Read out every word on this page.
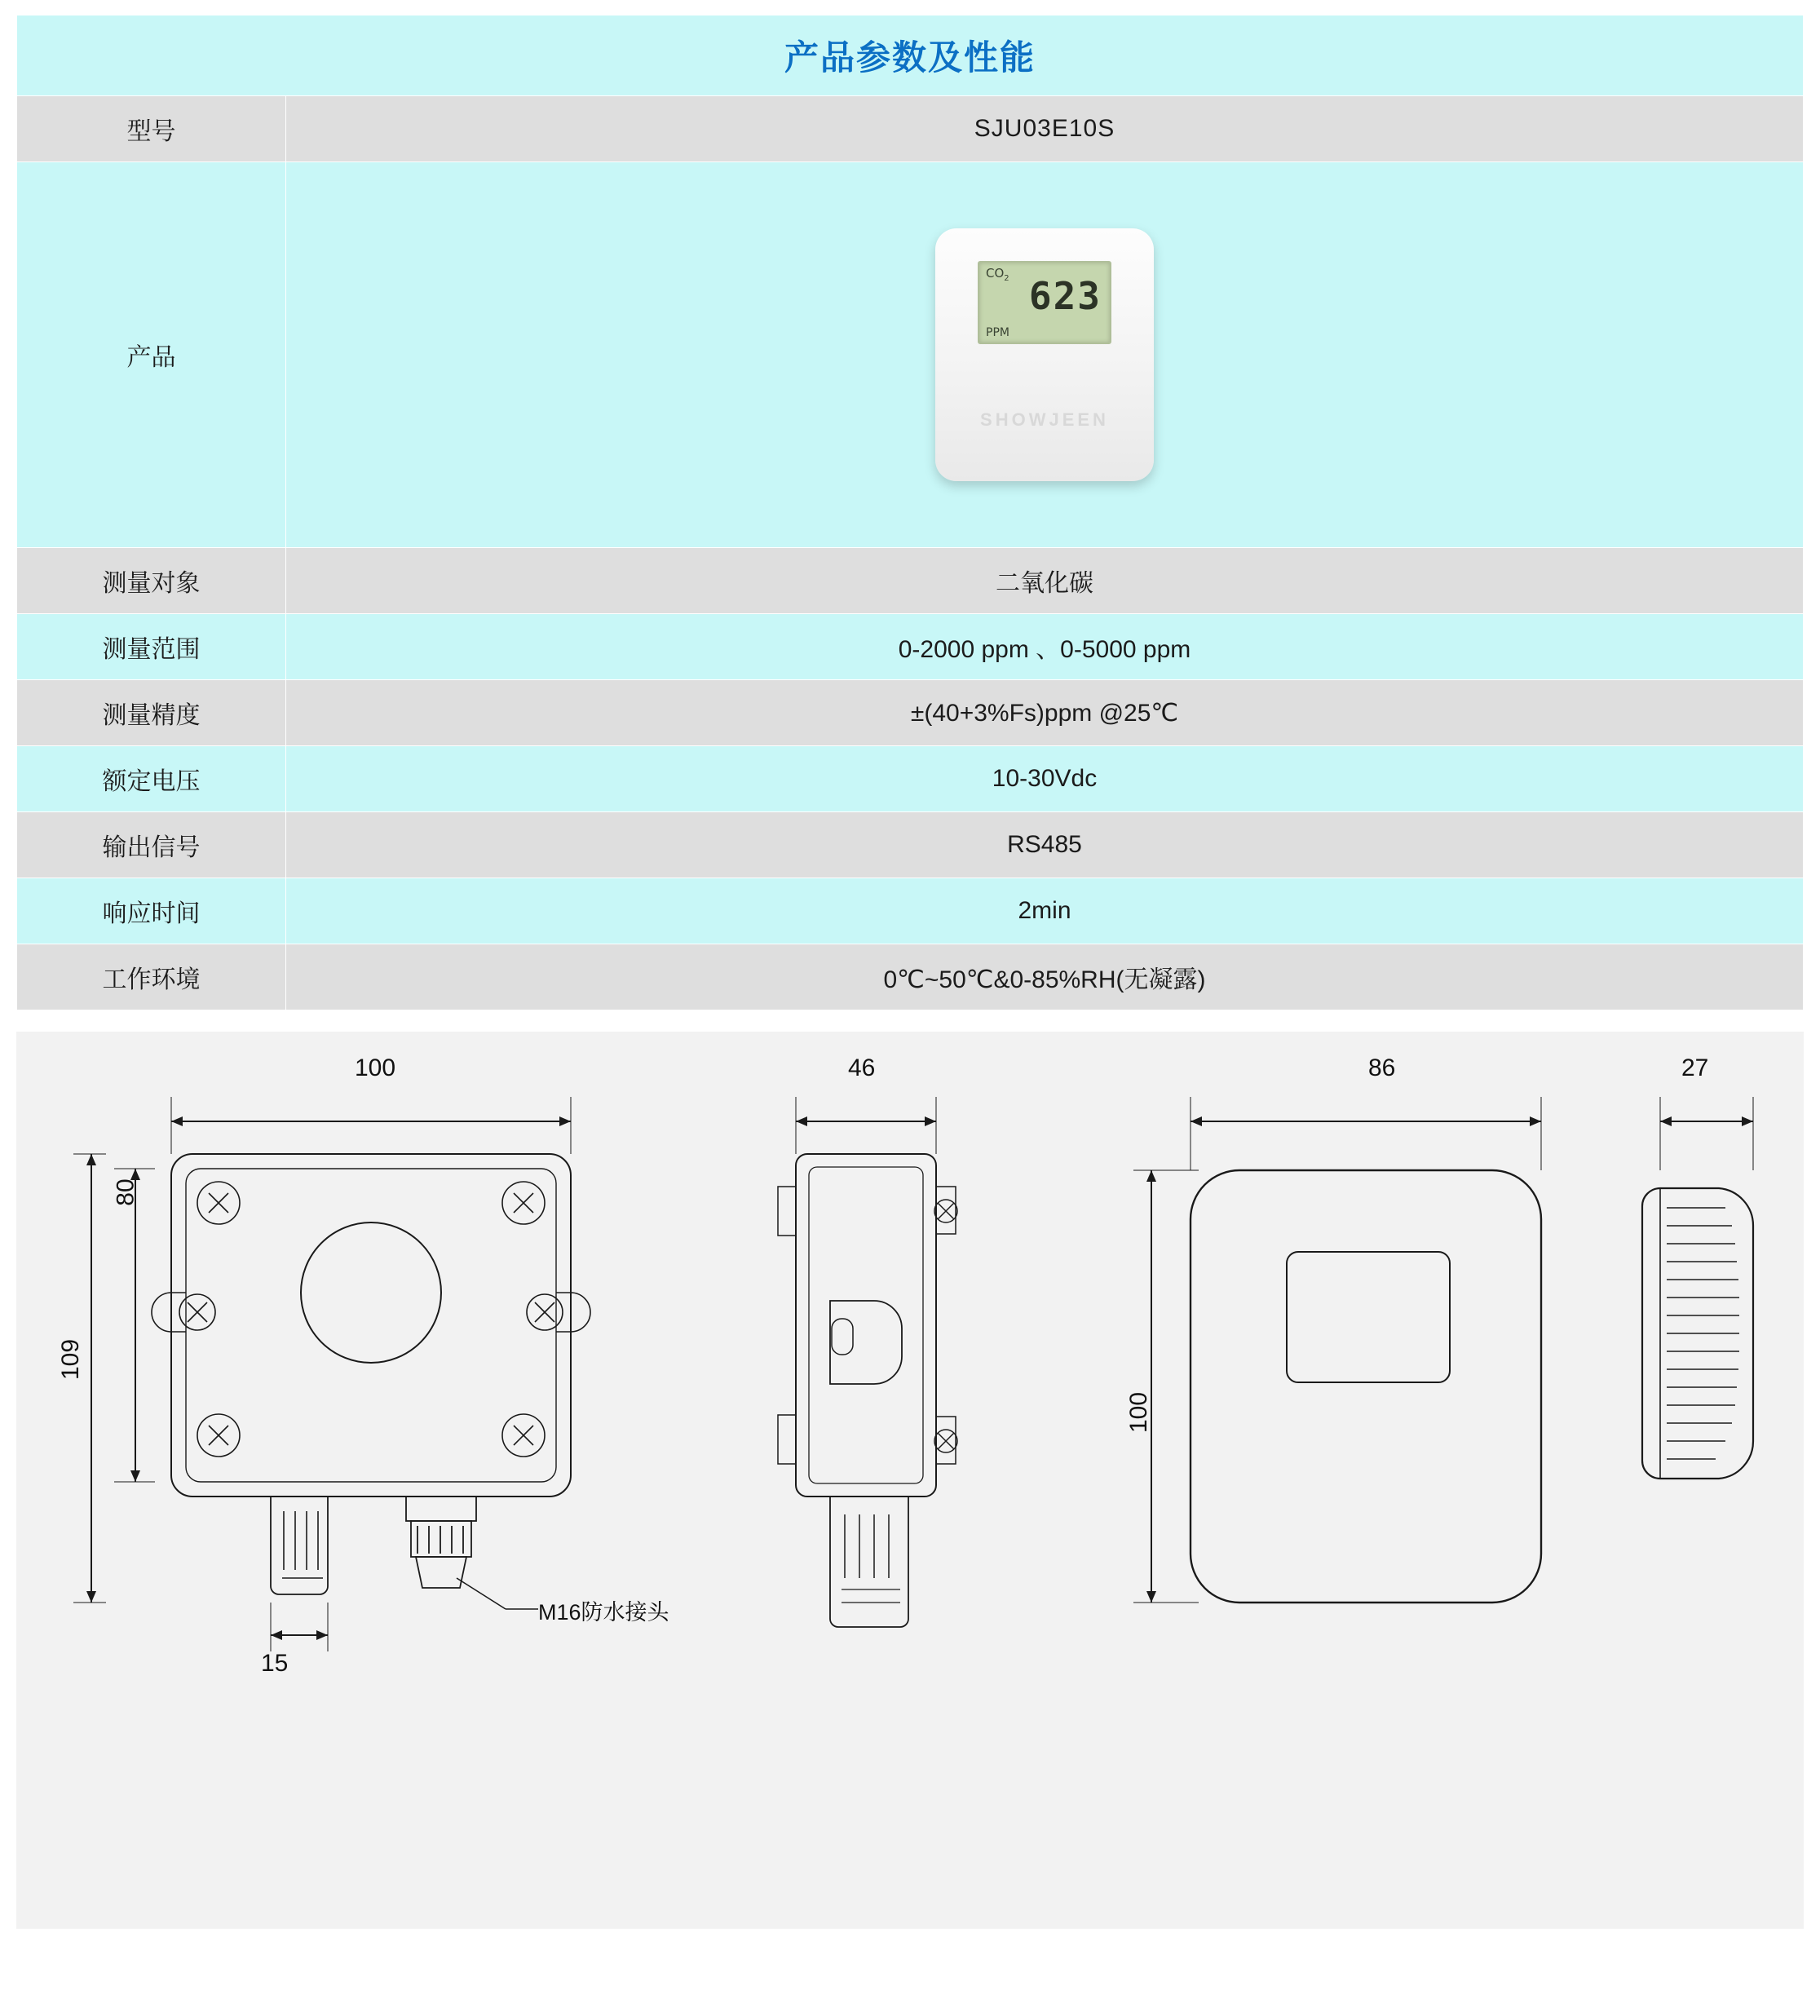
产品参数及性能	
型号	SJU03E10S
产品	$CO_2$ 623
PPM
SHOWJEEN

测量对象	二氧化碳
测量范围	0-2000 ppm 、0-5000 ppm
测量精度	±(40+3%Fs)ppm @25℃
额定电压	10-30Vdc
输出信号	RS485
响应时间	2min
工作环境	0℃~50℃&0-85%RH(无凝露)
100
80
109
15
M16防水接头
46	86
100
27
